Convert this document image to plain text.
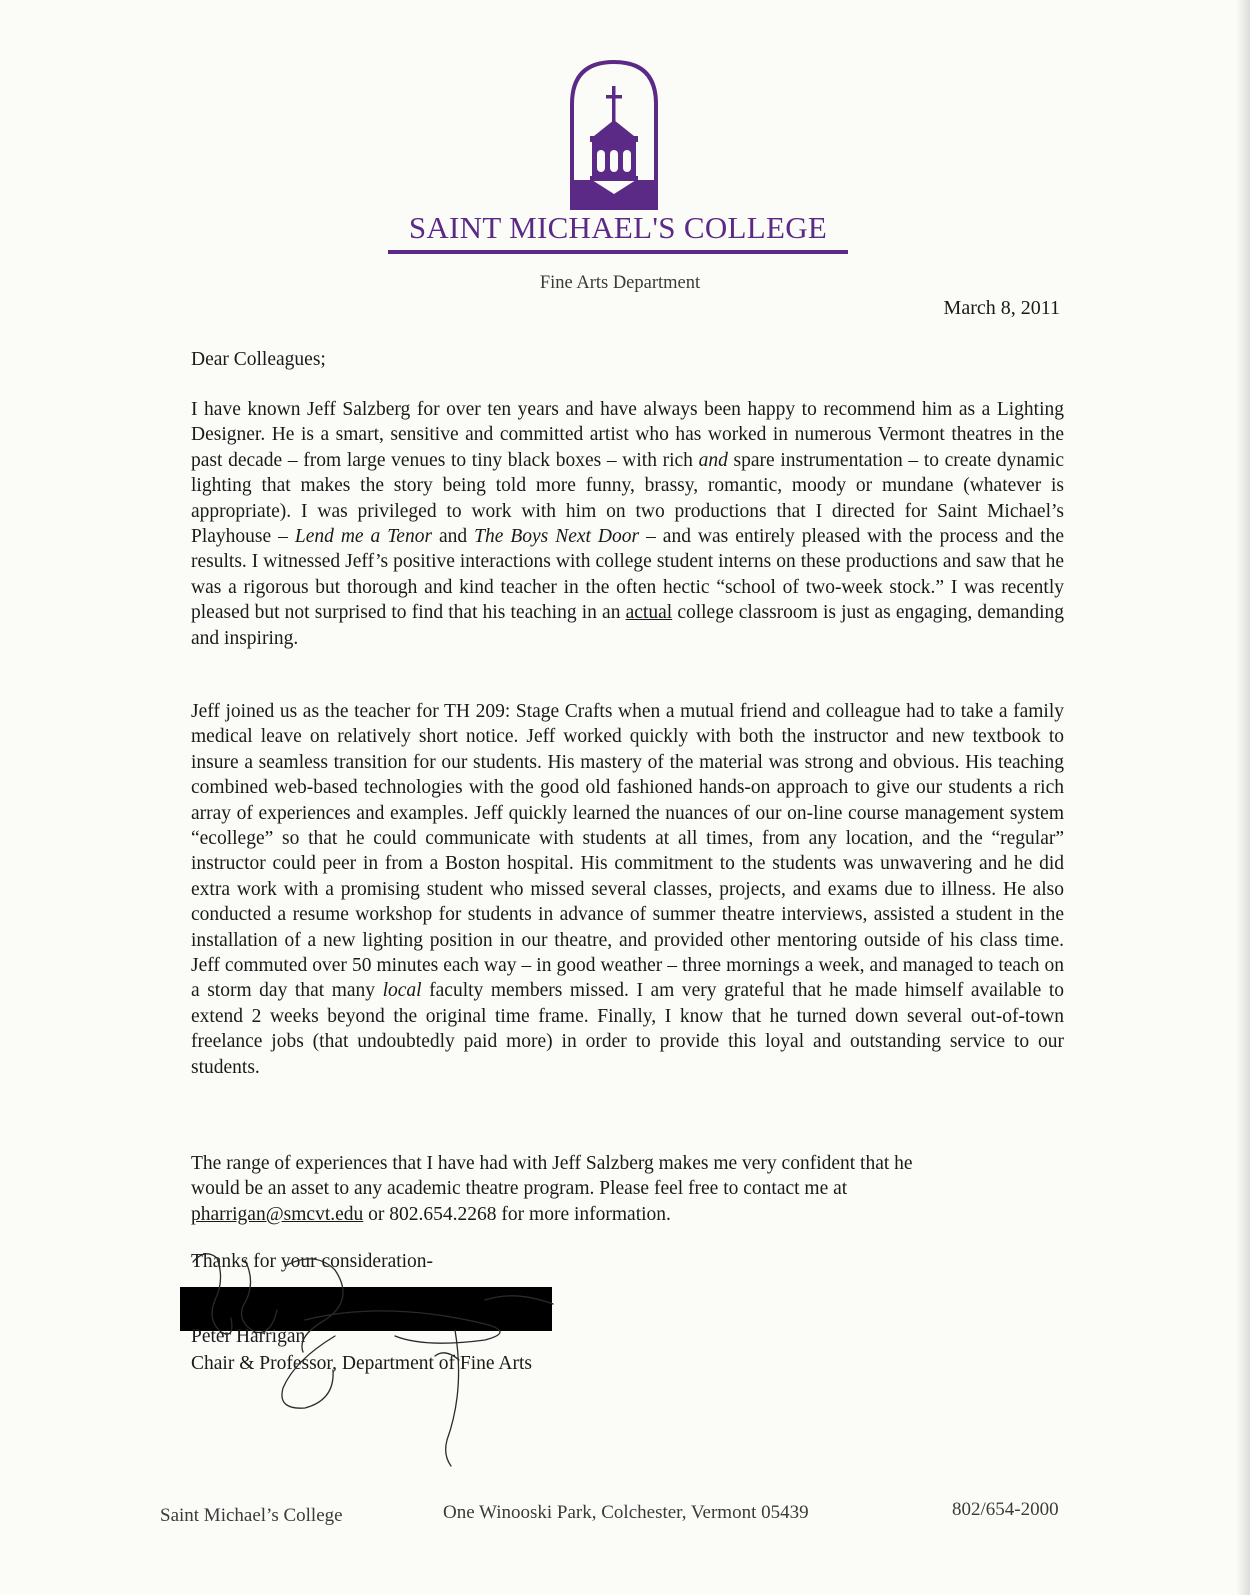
SAINT MICHAEL'S COLLEGE
Fine Arts Department
March 8, 2011
Dear Colleagues;

I have known Jeff Salzberg for over ten years and have always been happy to recommend him as a Lighting Designer. He is a smart, sensitive and committed artist who has worked in numerous Vermont theatres in the past decade – from large venues to tiny black boxes – with rich and spare instrumentation – to create dynamic lighting that makes the story being told more funny, brassy, romantic, moody or mundane (whatever is appropriate). I was privileged to work with him on two productions that I directed for Saint Michael’s Playhouse – Lend me a Tenor and The Boys Next Door – and was entirely pleased with the process and the results. I witnessed Jeff’s positive interactions with college student interns on these productions and saw that he was a rigorous but thorough and kind teacher in the often hectic “school of two-week stock.” I was recently pleased but not surprised to find that his teaching in an actual college classroom is just as engaging, demanding and inspiring.

Jeff joined us as the teacher for TH 209: Stage Crafts when a mutual friend and colleague had to take a family medical leave on relatively short notice. Jeff worked quickly with both the instructor and new textbook to insure a seamless transition for our students. His mastery of the material was strong and obvious. His teaching combined web-based technologies with the good old fashioned hands-on approach to give our students a rich array of experiences and examples. Jeff quickly learned the nuances of our on-line course management system “ecollege” so that he could communicate with students at all times, from any location, and the “regular” instructor could peer in from a Boston hospital. His commitment to the students was unwavering and he did extra work with a promising student who missed several classes, projects, and exams due to illness. He also conducted a resume workshop for students in advance of summer theatre interviews, assisted a student in the installation of a new lighting position in our theatre, and provided other mentoring outside of his class time. Jeff commuted over 50 minutes each way – in good weather – three mornings a week, and managed to teach on a storm day that many local faculty members missed. I am very grateful that he made himself available to extend 2 weeks beyond the original time frame. Finally, I know that he turned down several out-of-town freelance jobs (that undoubtedly paid more) in order to provide this loyal and outstanding service to our students.

The range of experiences that I have had with Jeff Salzberg makes me very confident that he
would be an asset to any academic theatre program. Please feel free to contact me at
pharrigan@smcvt.edu or 802.654.2268 for more information.
Thanks for your consideration-
Peter Harrigan
Chair & Professor, Department of Fine Arts
Saint Michael’s College	One Winooski Park, Colchester, Vermont 05439	802/654-2000
